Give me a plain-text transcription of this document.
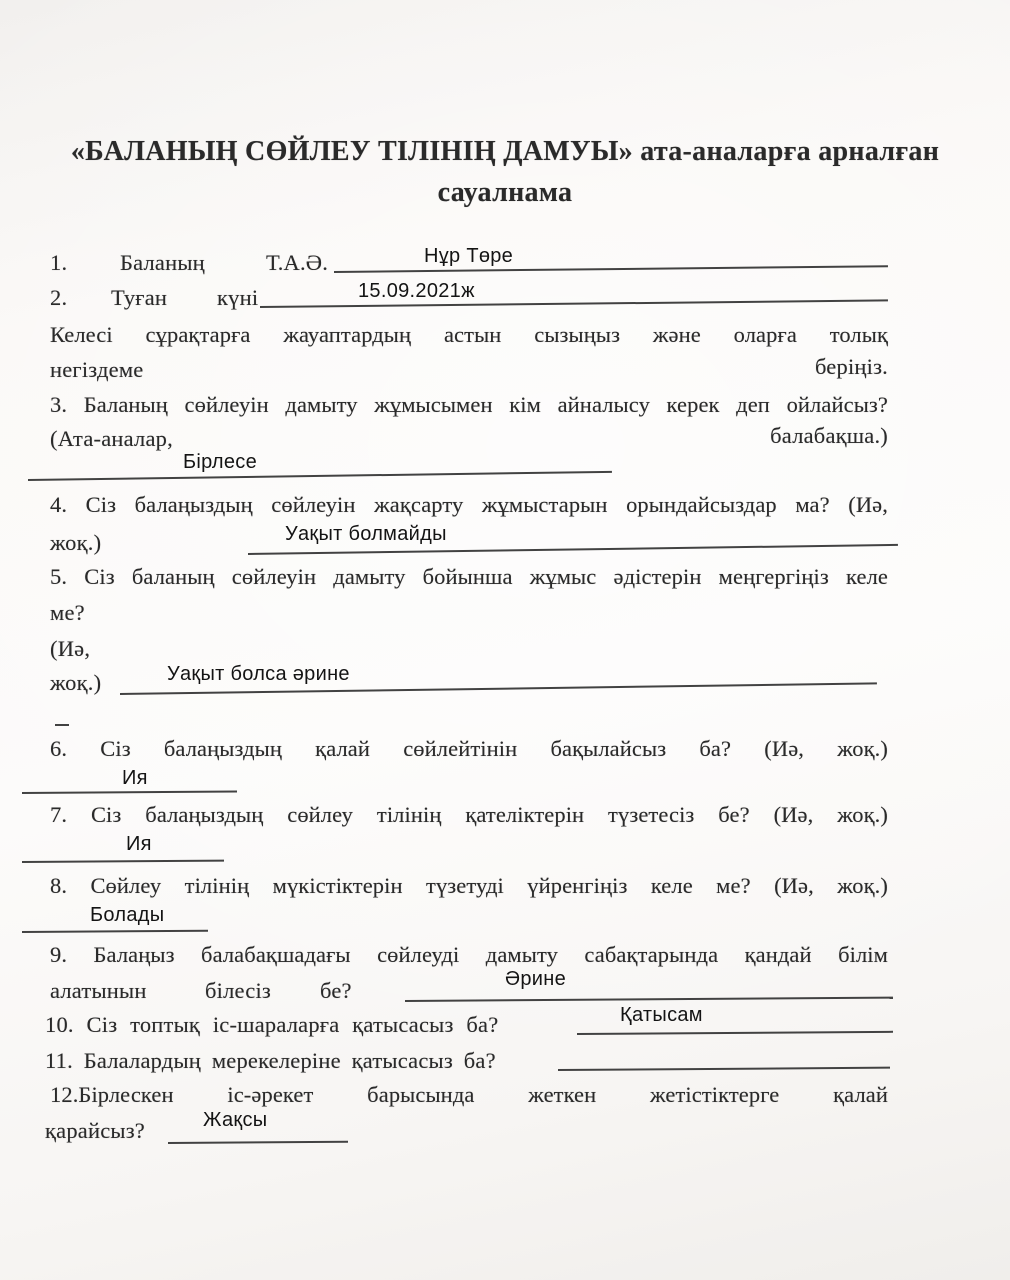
«БАЛАНЫҢ СӨЙЛЕУ ТІЛІНІҢ ДАМУЫ» ата-аналарға арналған
сауалнама
1. Баланың	Т.А.Ә.	Нұр Төре
2. Туған күні	15.09.2021ж
Келесі сұрақтарға жауаптардың астын сызыңыз және оларға толық
негіздеме	беріңіз.
3. Баланың сөйлеуін дамыту жұмысымен кім айналысу керек деп ойлайсыз?
(Ата-аналар,	балабақша.)
Бірлесе
4. Сіз балаңыздың сөйлеуін жақсарту жұмыстарын орындайсыздар ма? (Иә,
жоқ.)	Уақыт болмайды
5. Сіз баланың сөйлеуін дамыту бойынша жұмыс әдістерін меңгергіңіз келе
ме?
(Иә,
жоқ.)	Уақыт болса әрине
6. Сіз балаңыздың қалай сөйлейтінін бақылайсыз ба? (Иә, жоқ.)
Ия
7. Сіз балаңыздың сөйлеу тілінің қателіктерін түзетесіз бе? (Иә, жоқ.)
Ия
8. Сөйлеу тілінің мүкістіктерін түзетуді үйренгіңіз келе ме? (Иә, жоқ.)
Болады
9. Балаңыз балабақшадағы сөйлеуді дамыту сабақтарында қандай білім
алатынын	білесіз бе?	Әрине
10. Сіз топтық іс-шараларға қатысасыз ба?	Қатысам
11. Балалардың мерекелеріне қатысасыз ба?
12.Бірлескен іс-әрекет барысында жеткен жетістіктерге қалай
қарайсыз?	Жақсы
